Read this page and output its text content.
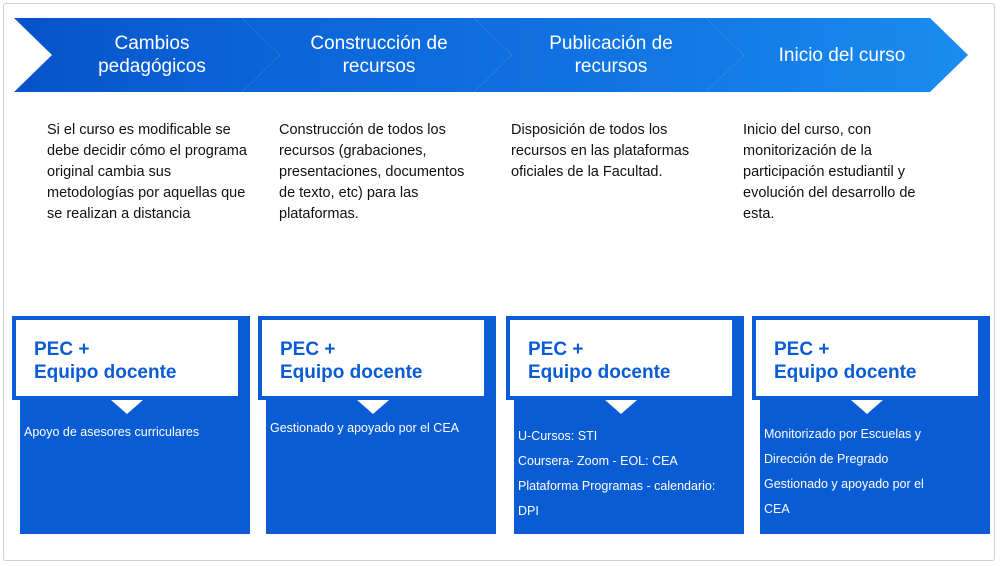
Cambios
pedagógicos
Construcción de
recursos
Publicación de
recursos
Inicio del curso
Si el curso es modificable se debe decidir cómo el programa original cambia sus metodologías por aquellas que se realizan a distancia
Construcción de todos los recursos (grabaciones, presentaciones, documentos de texto, etc) para las plataformas.
Disposición de todos los recursos en las plataformas oficiales de la Facultad.
Inicio del curso, con monitorización de la participación estudiantil y evolución del desarrollo de esta.
PEC +
Equipo docente
Apoyo de asesores curriculares
PEC +
Equipo docente
Gestionado y apoyado por el CEA
PEC +
Equipo docente
U-Cursos: STI
Coursera- Zoom - EOL: CEA
Plataforma Programas - calendario:
DPI
PEC +
Equipo docente
Monitorizado por Escuelas y
Dirección de Pregrado
Gestionado y apoyado por el
CEA
